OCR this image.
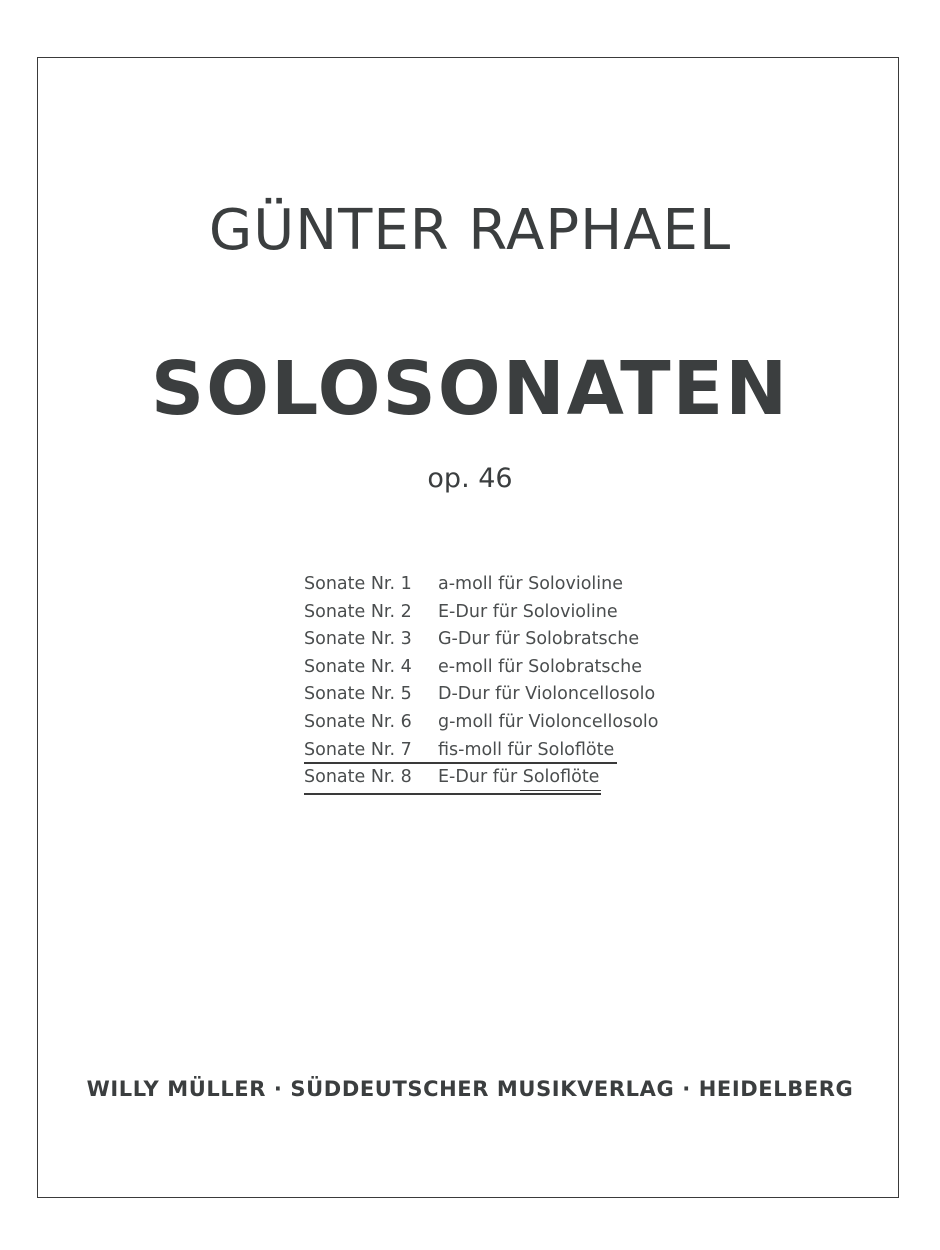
GÜNTER RAPHAEL
SOLOSONATEN
op. 46
Sonate Nr. 1	a-moll für Solovioline
Sonate Nr. 2	E-Dur für Solovioline
Sonate Nr. 3	G-Dur für Solobratsche
Sonate Nr. 4	e-moll für Solobratsche
Sonate Nr. 5	D-Dur für Violoncellosolo
Sonate Nr. 6	g-moll für Violoncellosolo
Sonate Nr. 7	fis-moll für Soloflöte
Sonate Nr. 8	E-Dur für Soloflöte
WILLY MÜLLER · SÜDDEUTSCHER MUSIKVERLAG · HEIDELBERG
